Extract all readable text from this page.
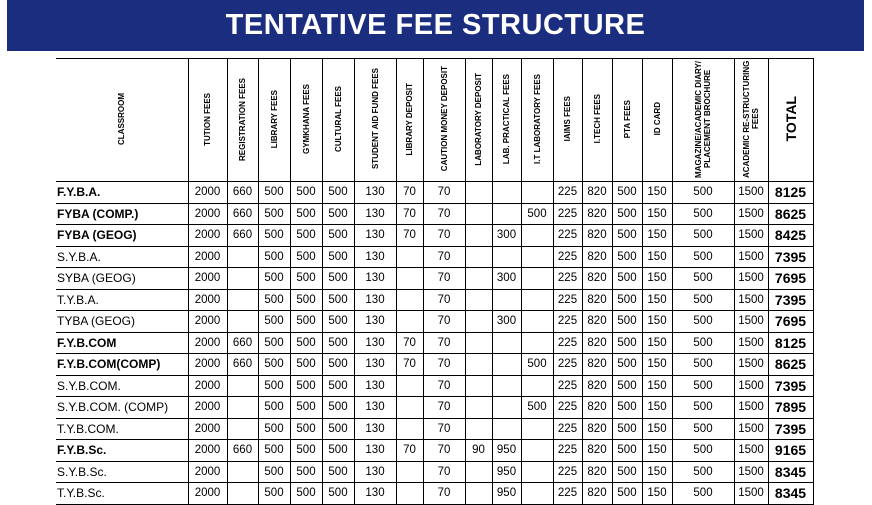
TENTATIVE FEE STRUCTURE
CLASSROOM	TUTION FEES	REGISTRATION FEES	LIBRARY FEES	GYMKHANA FEES	CULTURAL FEES	STUDENT AID FUND FEES	LIBRARY DEPOSIT	CAUTION MONEY DEPOSIT	LABORATORY DEPOSIT	LAB. PRACTICAL FEES	I.T LABORATORY FEES	IAIMS FEES	I.TECH FEES	PTA FEES	ID CARD	MAGAZINE/ACADEMIC DIARY/ PLACEMENT BROCHURE	ACADEMIC RE-STRUCTURING FEES	TOTAL
F.Y.B.A.	2000	660	500	500	500	130	70	70				225	820	500	150	500	1500	8125
FYBA (COMP.)	2000	660	500	500	500	130	70	70			500	225	820	500	150	500	1500	8625
FYBA (GEOG)	2000	660	500	500	500	130	70	70		300		225	820	500	150	500	1500	8425
S.Y.B.A.	2000		500	500	500	130		70				225	820	500	150	500	1500	7395
SYBA (GEOG)	2000		500	500	500	130		70		300		225	820	500	150	500	1500	7695
T.Y.B.A.	2000		500	500	500	130		70				225	820	500	150	500	1500	7395
TYBA (GEOG)	2000		500	500	500	130		70		300		225	820	500	150	500	1500	7695
F.Y.B.COM	2000	660	500	500	500	130	70	70				225	820	500	150	500	1500	8125
F.Y.B.COM(COMP)	2000	660	500	500	500	130	70	70			500	225	820	500	150	500	1500	8625
S.Y.B.COM.	2000		500	500	500	130		70				225	820	500	150	500	1500	7395
S.Y.B.COM. (COMP)	2000		500	500	500	130		70			500	225	820	500	150	500	1500	7895
T.Y.B.COM.	2000		500	500	500	130		70				225	820	500	150	500	1500	7395
F.Y.B.Sc.	2000	660	500	500	500	130	70	70	90	950		225	820	500	150	500	1500	9165
S.Y.B.Sc.	2000		500	500	500	130		70		950		225	820	500	150	500	1500	8345
T.Y.B.Sc.	2000		500	500	500	130		70		950		225	820	500	150	500	1500	8345
